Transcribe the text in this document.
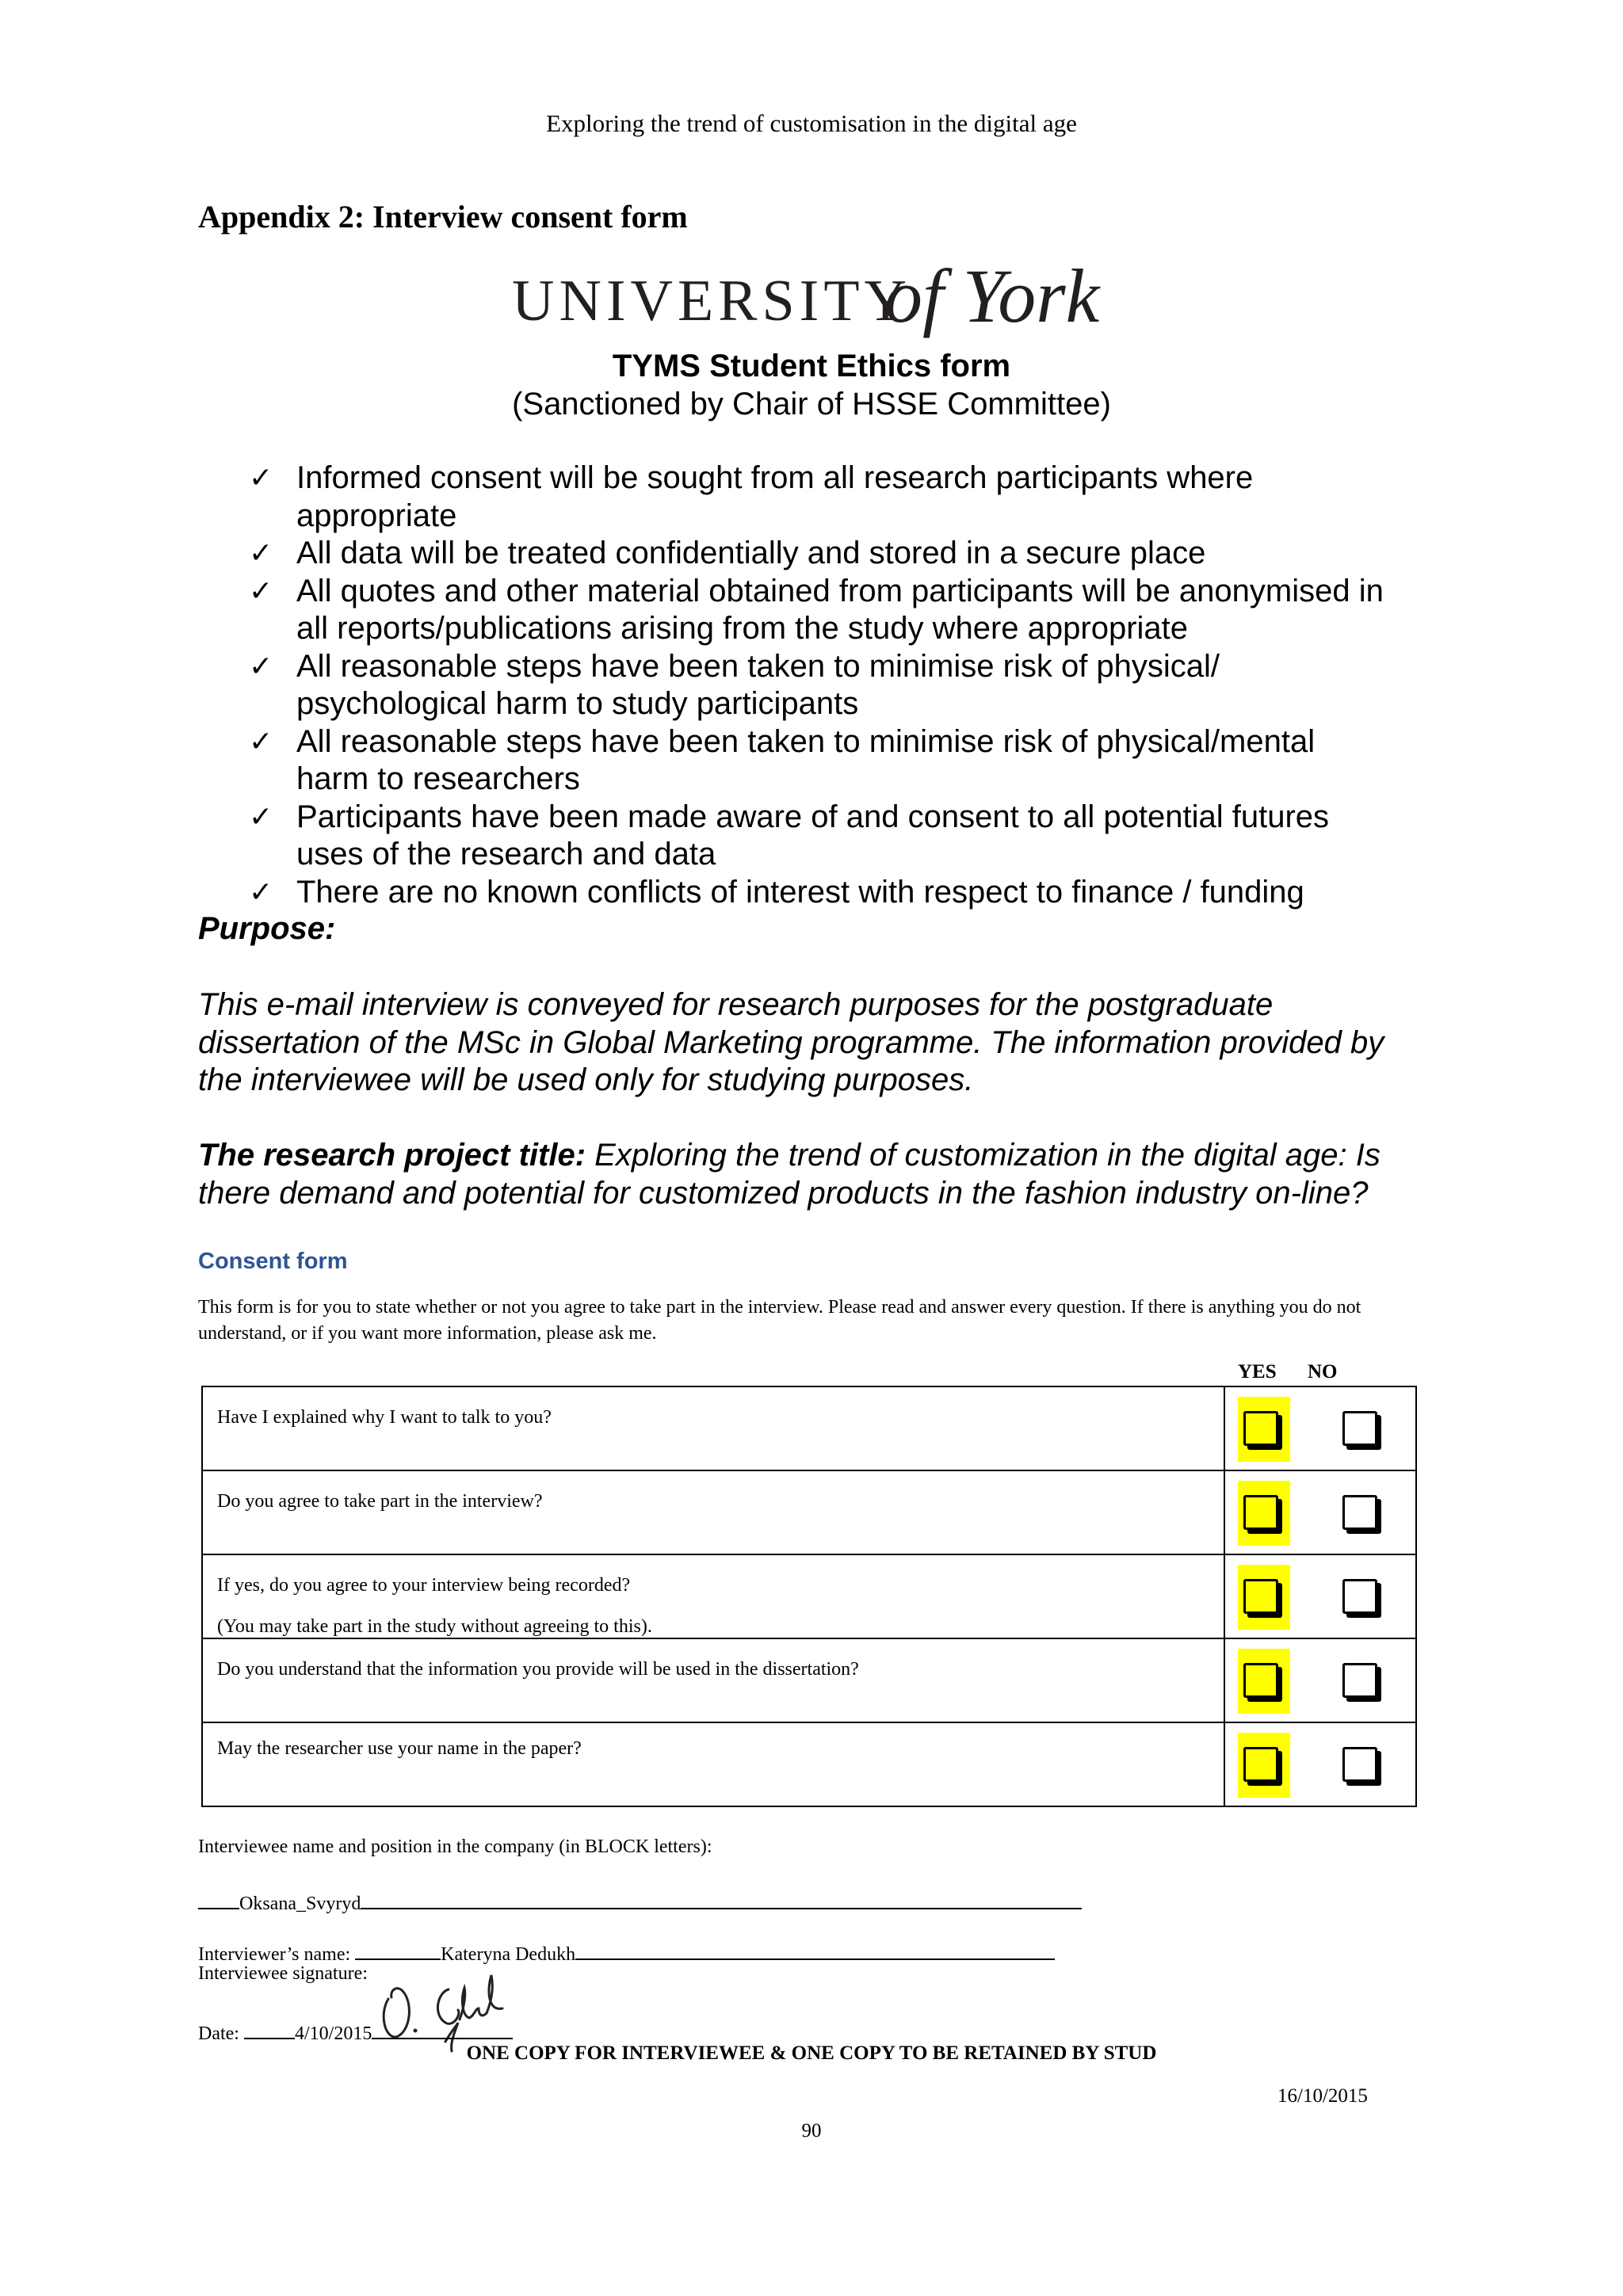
Exploring the trend of customisation in the digital age
Appendix 2: Interview consent form
UNIVERSITY
of York
TYMS Student Ethics form
(Sanctioned by Chair of HSSE Committee)
✓ Informed consent will be sought from all research participants where
appropriate
✓ All data will be treated confidentially and stored in a secure place
✓ All quotes and other material obtained from participants will be anonymised in
all reports/publications arising from the study where appropriate
✓ All reasonable steps have been taken to minimise risk of physical/
psychological harm to study participants
✓ All reasonable steps have been taken to minimise risk of physical/mental
harm to researchers
✓ Participants have been made aware of and consent to all potential futures
uses of the research and data
✓ There are no known conflicts of interest with respect to finance / funding
Purpose:
This e-mail interview is conveyed for research purposes for the postgraduate
dissertation of the MSc in Global Marketing programme. The information provided by
the interviewee will be used only for studying purposes.
The research project title: Exploring the trend of customization in the digital age: Is
there demand and potential for customized products in the fashion industry on-line?
Consent form
This form is for you to state whether or not you agree to take part in the interview. Please read and answer every question. If there is anything you do not
understand, or if you want more information, please ask me.
YES NO
Have I explained why I want to talk to you?
Do you agree to take part in the interview?
If yes, do you agree to your interview being recorded?
(You may take part in the study without agreeing to this).
Do you understand that the information you provide will be used in the dissertation?
May the researcher use your name in the paper?
Interviewee name and position in the company (in BLOCK letters):
Oksana_Svyryd
Interviewer’s name:	Kateryna Dedukh
Interviewee signature:
Date:	4/10/2015
ONE COPY FOR INTERVIEWEE & ONE COPY TO BE RETAINED BY STUD
16/10/2015
90
